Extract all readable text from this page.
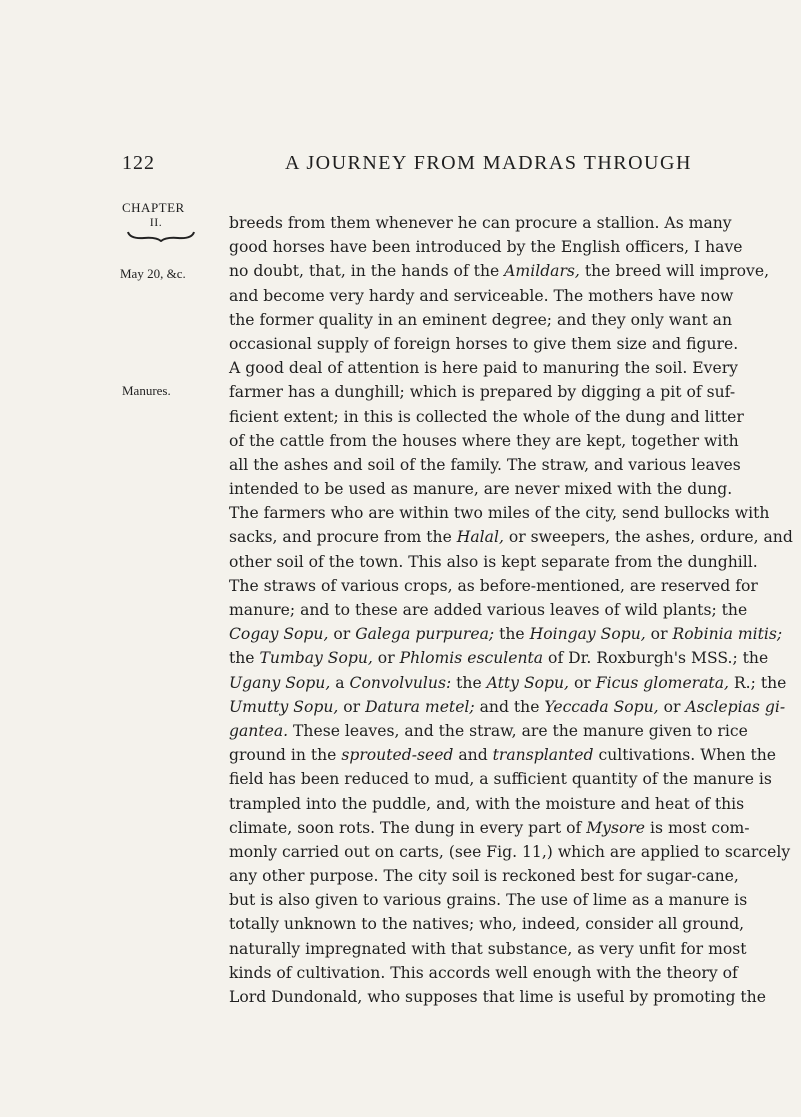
122	A JOURNEY FROM MADRAS THROUGH
CHAPTER
II.
May 20, &c.
Manures.
breeds from them whenever he can procure a stallion. As many
good horses have been introduced by the English officers, I have
no doubt, that, in the hands of the Amildars, the breed will improve,
and become very hardy and serviceable. The mothers have now
the former quality in an eminent degree; and they only want an
occasional supply of foreign horses to give them size and figure.
A good deal of attention is here paid to manuring the soil. Every
farmer has a dunghill; which is prepared by digging a pit of suf-
ficient extent; in this is collected the whole of the dung and litter
of the cattle from the houses where they are kept, together with
all the ashes and soil of the family. The straw, and various leaves
intended to be used as manure, are never mixed with the dung.
The farmers who are within two miles of the city, send bullocks with
sacks, and procure from the Halal, or sweepers, the ashes, ordure, and
other soil of the town. This also is kept separate from the dunghill.
The straws of various crops, as before-mentioned, are reserved for
manure; and to these are added various leaves of wild plants; the
Cogay Sopu, or Galega purpurea; the Hoingay Sopu, or Robinia mitis;
the Tumbay Sopu, or Phlomis esculenta of Dr. Roxburgh's MSS.; the
Ugany Sopu, a Convolvulus: the Atty Sopu, or Ficus glomerata, R.; the
Umutty Sopu, or Datura metel; and the Yeccada Sopu, or Asclepias gi-
gantea. These leaves, and the straw, are the manure given to rice
ground in the sprouted-seed and transplanted cultivations. When the
field has been reduced to mud, a sufficient quantity of the manure is
trampled into the puddle, and, with the moisture and heat of this
climate, soon rots. The dung in every part of Mysore is most com-
monly carried out on carts, (see Fig. 11,) which are applied to scarcely
any other purpose. The city soil is reckoned best for sugar-cane,
but is also given to various grains. The use of lime as a manure is
totally unknown to the natives; who, indeed, consider all ground,
naturally impregnated with that substance, as very unfit for most
kinds of cultivation. This accords well enough with the theory of
Lord Dundonald, who supposes that lime is useful by promoting the
